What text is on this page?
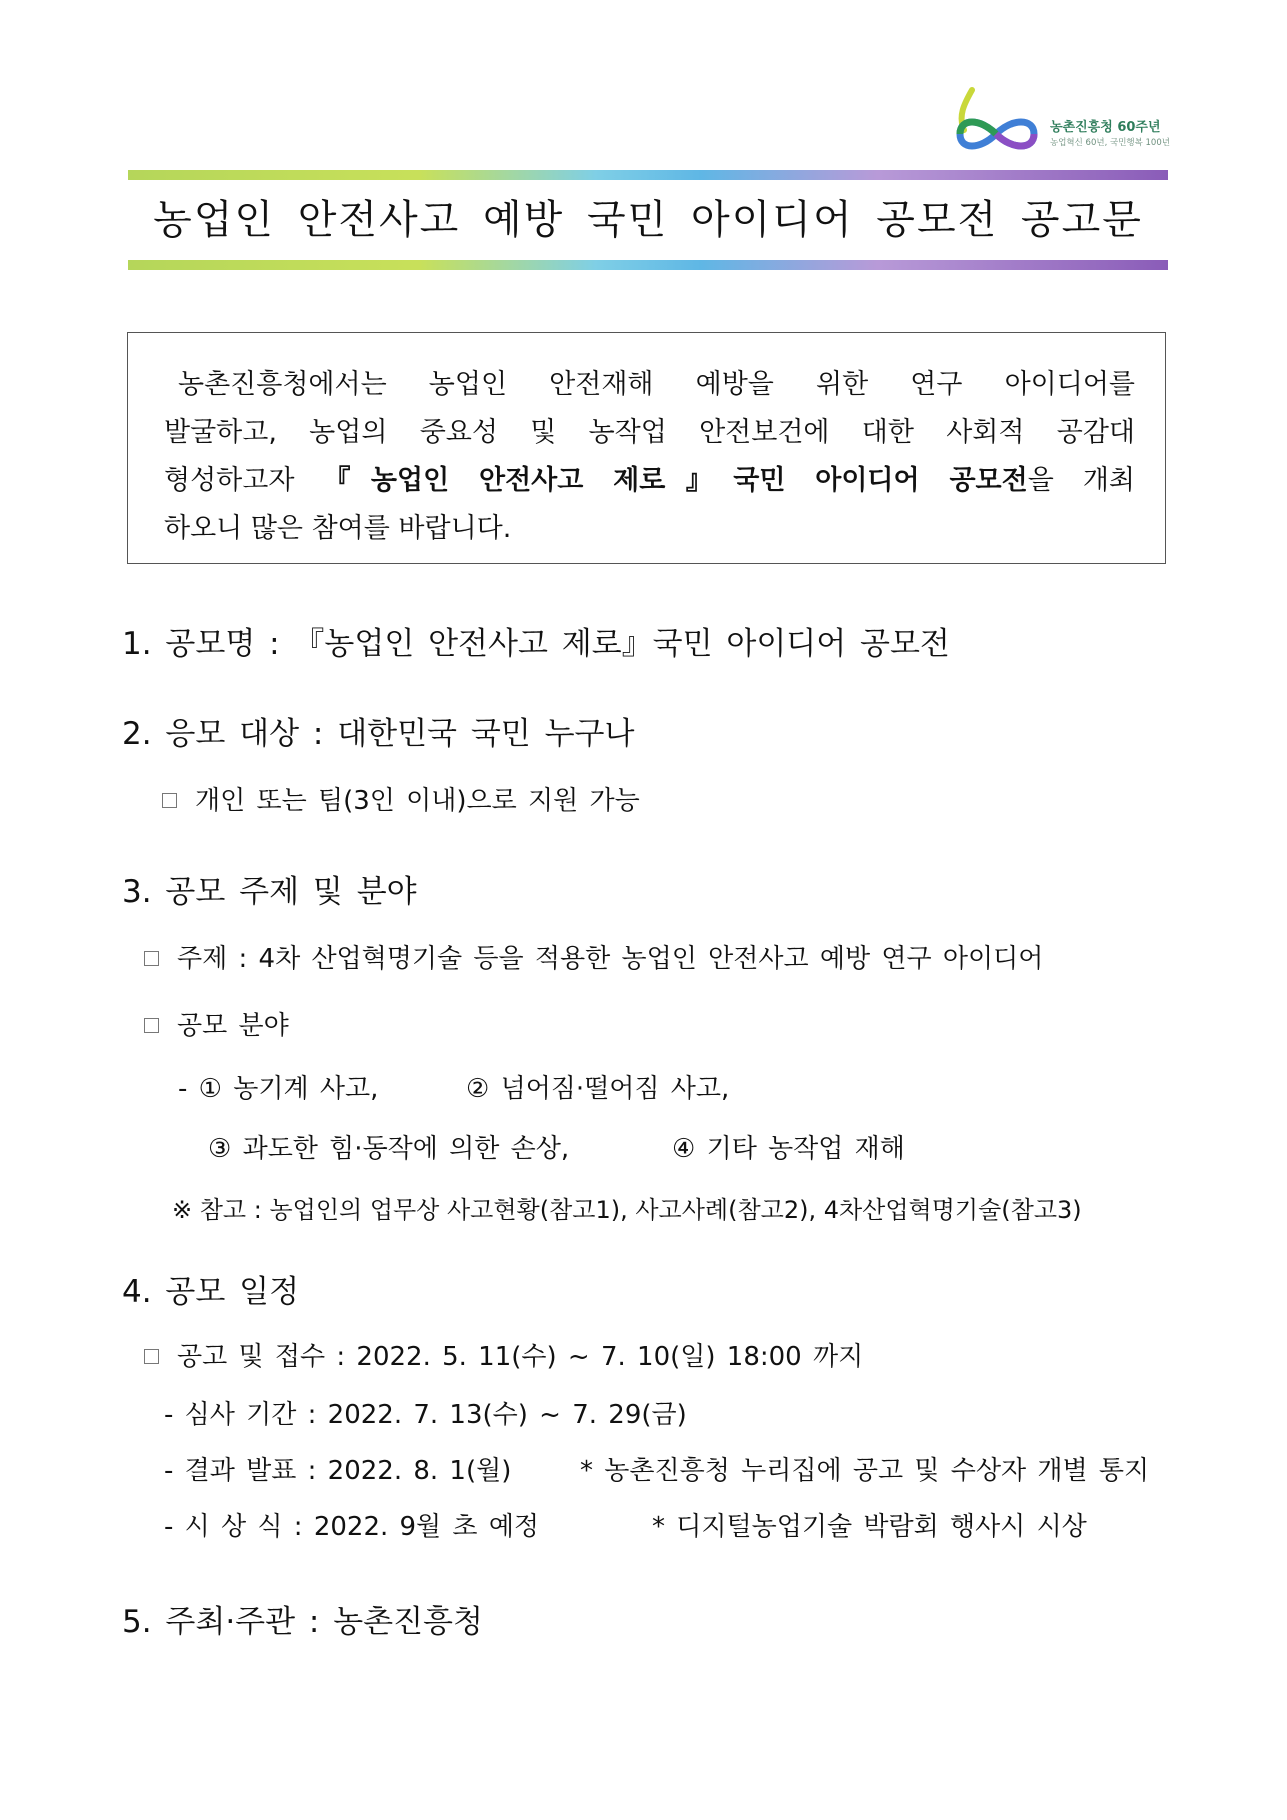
농촌진흥청 60주년
농업혁신 60년, 국민행복 100년
농업인 안전사고 예방 국민 아이디어 공모전 공고문
농촌진흥청에서는 농업인 안전재해 예방을 위한 연구 아이디어를
발굴하고, 농업의 중요성 및 농작업 안전보건에 대한 사회적 공감대
형성하고자 『농업인 안전사고 제로』국민 아이디어 공모전을 개최
하오니 많은 참여를 바랍니다.
1. 공모명 : 『농업인 안전사고 제로』국민 아이디어 공모전
2. 응모 대상 : 대한민국 국민 누구나
개인 또는 팀(3인 이내)으로 지원 가능
3. 공모 주제 및 분야
주제 : 4차 산업혁명기술 등을 적용한 농업인 안전사고 예방 연구 아이디어
공모 분야
- ① 농기계 사고,	② 넘어짐·떨어짐 사고,
③ 과도한 힘·동작에 의한 손상,	④ 기타 농작업 재해
※ 참고 : 농업인의 업무상 사고현황(참고1), 사고사례(참고2), 4차산업혁명기술(참고3)
4. 공모 일정
공고 및 접수 : 2022. 5. 11(수) ~ 7. 10(일) 18:00 까지
- 심사 기간 : 2022. 7. 13(수) ~ 7. 29(금)
- 결과 발표 : 2022. 8. 1(월)	* 농촌진흥청 누리집에 공고 및 수상자 개별 통지
- 시 상 식 : 2022. 9월 초 예정	* 디지털농업기술 박람회 행사시 시상
5. 주최·주관 : 농촌진흥청
